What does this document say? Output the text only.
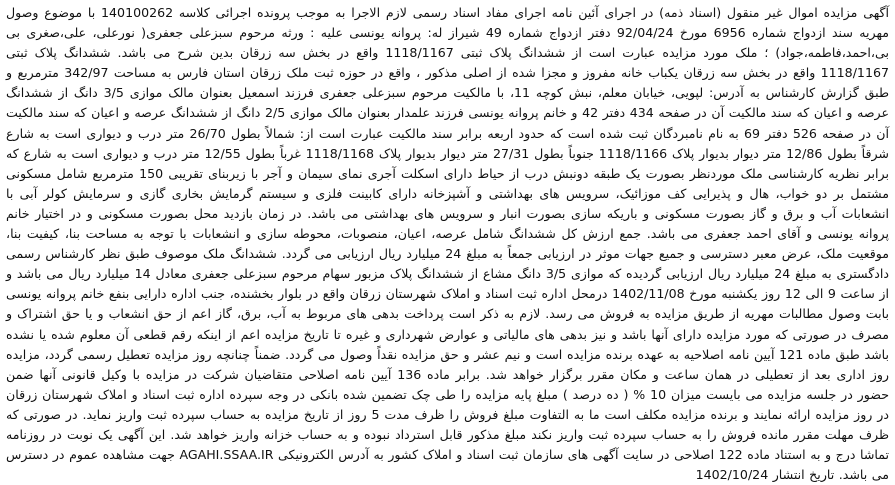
آگهی مزایده اموال غیر منقول (اسناد ذمه) در اجرای آئین نامه اجرای مفاد اسناد رسمی لازم الاجرا به موجب پرونده اجرائی کلاسه 140100262 با موضوع وصول مهریه سند ازدواج شماره 6956 مورخ 92/04/24 دفتر ازدواج شماره 49 شیراز له: پروانه یونسی علیه : ورثه مرحوم سبزعلی جعفری( نورعلی، علی،صغری بی بی،احمد،فاطمه،جواد) ؛ ملک مورد مزایده عبارت است از ششدانگ پلاک ثبتی 1118/1167 واقع در بخش سه زرقان بدین شرح می باشد. ششدانگ پلاک ثبتی 1118/1167 واقع در بخش سه زرقان یکباب خانه مفروز و مجزا شده از اصلی مذکور ، واقع در حوزه ثبت ملک زرقان استان فارس به مساحت 342/97 مترمربع و طبق گزارش کارشناس به آدرس: لپویی، خیابان معلم، نبش کوچه 11، با مالکیت مرحوم سبزعلی جعفری فرزند اسمعیل بعنوان مالک موازی 3/5 دانگ از ششدانگ عرصه و اعیان که سند مالکیت آن در صفحه 434 دفتر 42 و خانم پروانه یونسی فرزند علمدار بعنوان مالک موازی 2/5 دانگ از ششدانگ عرصه و اعیان که سند مالکیت آن در صفحه 526 دفتر 69 به نام نامبردگان ثبت شده است که حدود اربعه برابر سند مالکیت عبارت است از: شمالاً بطول 26/70 متر درب و دیواری است به شارع شرقاً بطول 12/86 متر دیوار بدیوار پلاک 1118/1166 جنوباً بطول 27/31 متر دیوار بدیوار پلاک 1118/1168 غرباً بطول 12/55 متر درب و دیواری است به شارع که برابر نظریه کارشناسی ملک موردنظر بصورت یک طبقه دونبش درب از حیاط دارای اسکلت آجری نمای سیمان و آجر با زیربنای تقریبی 150 مترمربع شامل مسکونی مشتمل بر دو خواب، هال و پذیرایی کف موزائیک، سرویس های بهداشتی و آشپزخانه دارای کابینت فلزی و سیستم گرمایش بخاری گازی و سرمایش کولر آبی با انشعابات آب و برق و گاز بصورت مسکونی و باریکه سازی بصورت انبار و سرویس های بهداشتی می باشد. در زمان بازدید محل بصورت مسکونی و در اختیار خانم پروانه یونسی و آقای احمد جعفری می باشد. جمع ارزش کل ششدانگ شامل عرصه، اعیان، منصوبات، محوطه سازی و انشعابات با توجه به مساحت بنا، کیفیت بنا، موقعیت ملک، عرض معبر دسترسی و جمیع جهات موثر در ارزیابی جمعاً به مبلغ 24 میلیارد ریال ارزیابی می گردد. ششدانگ ملک موصوف طبق نظر کارشناس رسمی دادگستری به مبلغ 24 میلیارد ریال ارزیابی گردیده که موازی 3/5 دانگ مشاع از ششدانگ پلاک مزبور سهام مرحوم سبزعلی جعفری معادل 14 میلیارد ریال می باشد و از ساعت 9 الی 12 روز یکشنبه مورخ 1402/11/08 درمحل اداره ثبت اسناد و املاک شهرستان زرقان واقع در بلوار بخشنده، جنب اداره دارایی بنفع خانم پروانه یونسی بابت وصول مطالبات مهریه از طریق مزایده به فروش می رسد. لازم به ذکر است پرداخت بدهی های مربوط به آب، برق، گاز اعم از حق انشعاب و یا حق اشتراک و مصرف در صورتی که مورد مزایده دارای آنها باشد و نیز بدهی های مالیاتی و عوارض شهرداری و غیره تا تاریخ مزایده اعم از اینکه رقم قطعی آن معلوم شده یا نشده باشد طبق ماده 121 آیین نامه اصلاحیه به عهده برنده مزایده است و نیم عشر و حق مزایده نقداً وصول می گردد. ضمناً چنانچه روز مزایده تعطیل رسمی گردد، مزایده روز اداری بعد از تعطیلی در همان ساعت و مکان مقرر برگزار خواهد شد. برابر ماده 136 آیین نامه اصلاحی متقاضیان شرکت در مزایده با وکیل قانونی آنها ضمن حضور در جلسه مزایده می بایست میزان 10 % ( ده درصد ) مبلغ پایه مزایده را طی چک تضمین شده بانکی در وجه سپرده اداره ثبت اسناد و املاک شهرستان زرقان در روز مزایده ارائه نمایند و برنده مزایده مکلف است ما به التفاوت مبلغ فروش را ظرف مدت 5 روز از تاریخ مزایده به حساب سپرده ثبت واریز نماید. در صورتی که ظرف مهلت مقرر مانده فروش را به حساب سپرده ثبت واریز نکند مبلغ مذکور قابل استرداد نبوده و به حساب خزانه واریز خواهد شد. این آگهی یک نوبت در روزنامه تماشا درج و به استناد ماده 122 اصلاحی در سایت آگهی های سازمان ثبت اسناد و املاک کشور به آدرس الکترونیکی AGAHI.SSAA.IR جهت مشاهده عموم در دسترس می باشد. تاریخ انتشار 1402/10/24
